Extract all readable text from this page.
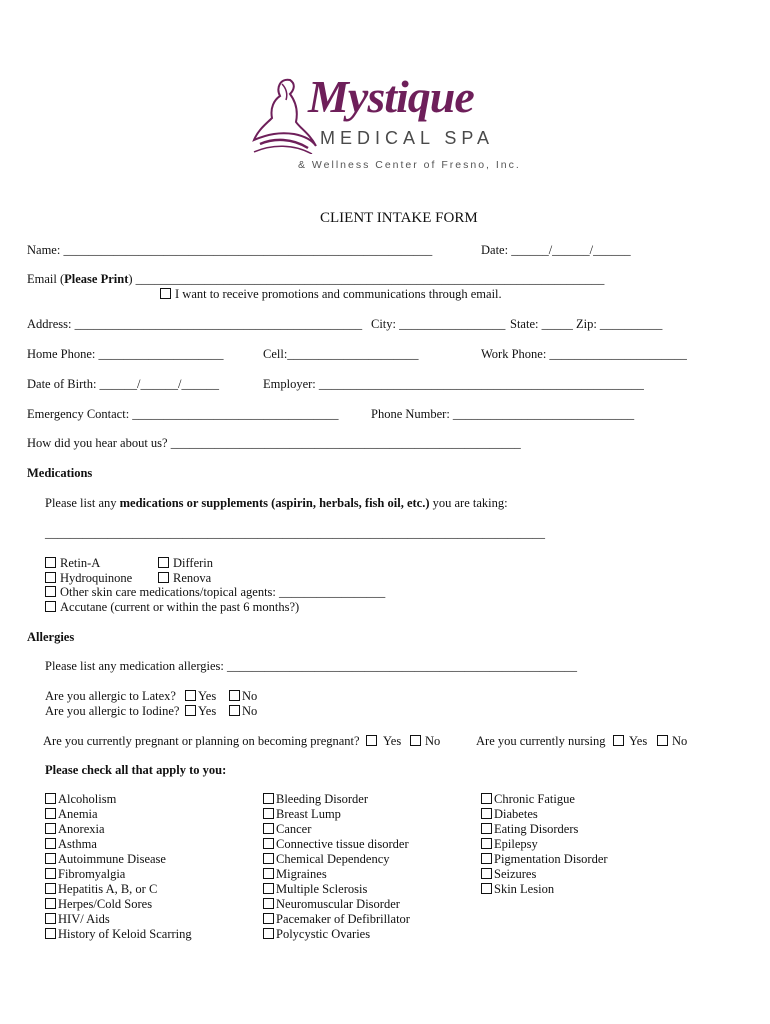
Mystique
MEDICAL SPA
& Wellness Center of Fresno, Inc.
CLIENT INTAKE FORM
Name: ___________________________________________________________	Date: ______/______/______
Email (Please Print) ___________________________________________________________________________
I want to receive promotions and communications through email.
Address: ______________________________________________ City: _________________ State: _____ Zip: __________
Home Phone: ____________________	Cell:_____________________	Work Phone: ______________________
Date of Birth: ______/______/______	Employer: ____________________________________________________
Emergency Contact: _________________________________	Phone Number: _____________________________
How did you hear about us? ________________________________________________________
Medications
Please list any medications or supplements (aspirin, herbals, fish oil, etc.) you are taking:
________________________________________________________________________________
Retin-A	Differin
Hydroquinone	Renova
Other skin care medications/topical agents: _________________
Accutane (current or within the past 6 months?)
Allergies
Please list any medication allergies: ________________________________________________________
Are you allergic to Latex?	Yes	No
Are you allergic to Iodine?	Yes	No
Are you currently pregnant or planning on becoming pregnant?	Yes	No	Are you currently nursing	Yes	No
Please check all that apply to you:
Alcoholism
Anemia
Anorexia
Asthma
Autoimmune Disease
Fibromyalgia
Hepatitis A, B, or C
Herpes/Cold Sores
HIV/ Aids
History of Keloid Scarring
Bleeding Disorder
Breast Lump
Cancer
Connective tissue disorder
Chemical Dependency
Migraines
Multiple Sclerosis
Neuromuscular Disorder
Pacemaker of Defibrillator
Polycystic Ovaries
Chronic Fatigue
Diabetes
Eating Disorders
Epilepsy
Pigmentation Disorder
Seizures
Skin Lesion
